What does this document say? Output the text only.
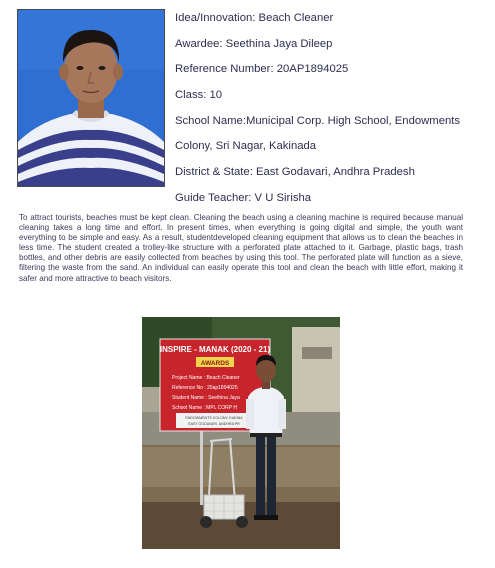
Idea/Innovation: Beach Cleaner
Awardee: Seethina Jaya Dileep
Reference Number: 20AP1894025
Class: 10
School Name:Municipal Corp. High School, Endowments
Colony, Sri Nagar, Kakinada
District & State: East Godavari, Andhra Pradesh
Guide Teacher: V U Sirisha
To attract tourists, beaches must be kept clean. Cleaning the beach using a cleaning machine is required because manual cleaning takes a long time and effort. In present times, when everything is going digital and simple, the youth want everything to be simple and easy. As a result, studentdeveloped cleaning equipment that allows us to clean the beaches in less time. The student created a trolley-like structure with a perforated plate attached to it. Garbage, plastic bags, trash bottles, and other debris are easily collected from beaches by using this tool. The perforated plate will function as a sieve, filtering the waste from the sand. An individual can easily operate this tool and clean the beach with little effort, making it safer and more attractive to beach visitors.
INSPIRE - MANAK (2020 - 21)
AWARDS
Project Name : Beach Cleaner
Reference No : 20ap1894025
Student Name : Seethina Jaya
School Name : MPL CORP H
ENDOWMENTS COLONY, KAKINA
EAST GODAVARI, ANDHRA PR
